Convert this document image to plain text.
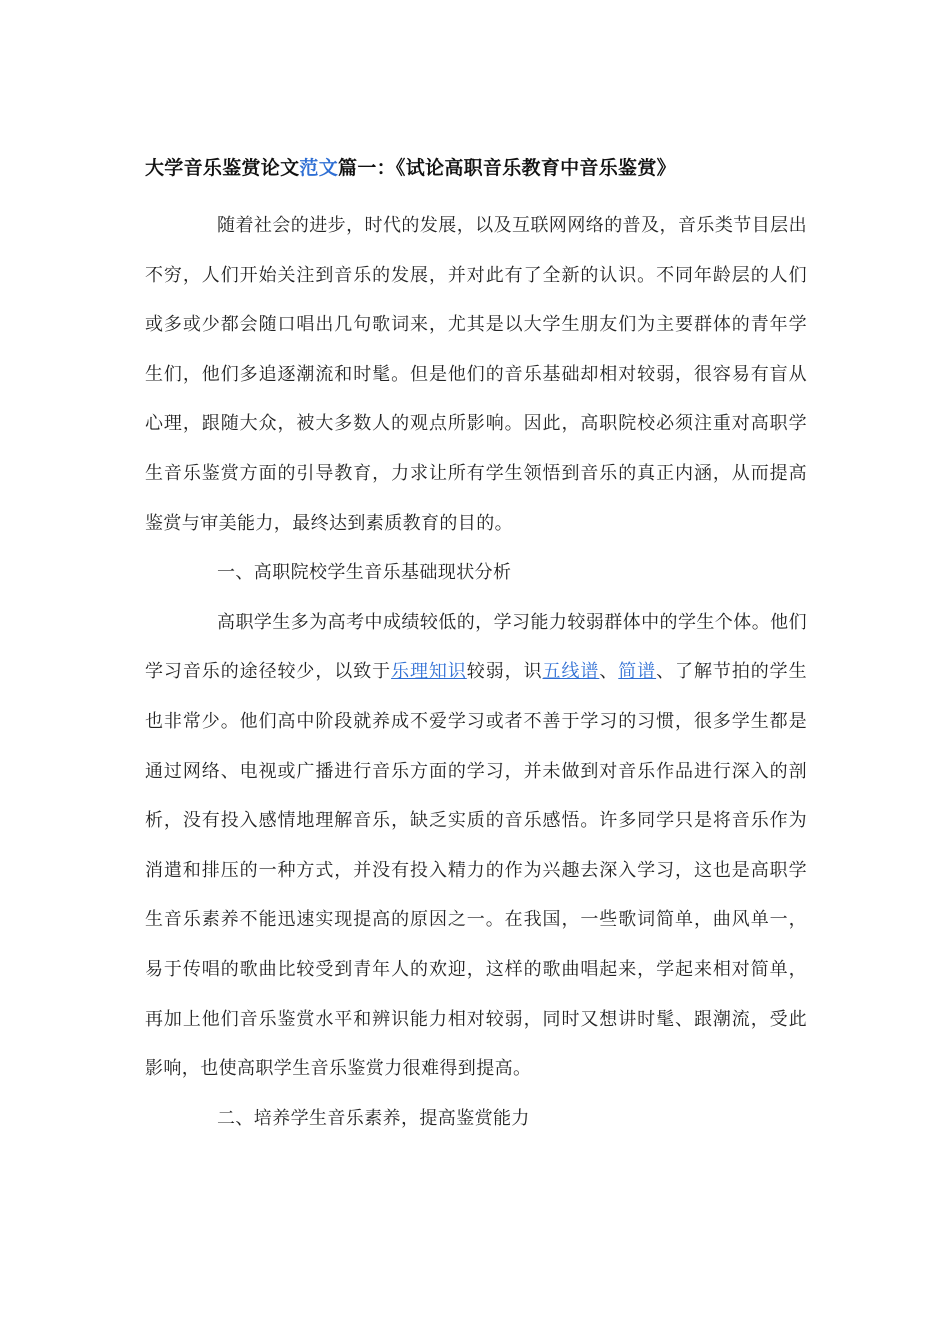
大学音乐鉴赏论文范文篇一：《试论高职音乐教育中音乐鉴赏》

随着社会的进步，时代的发展，以及互联网网络的普及，音乐类节目层出不穷，人们开始关注到音乐的发展，并对此有了全新的认识。不同年龄层的人们或多或少都会随口唱出几句歌词来，尤其是以大学生朋友们为主要群体的青年学生们，他们多追逐潮流和时髦。但是他们的音乐基础却相对较弱，很容易有盲从心理，跟随大众，被大多数人的观点所影响。因此，高职院校必须注重对高职学生音乐鉴赏方面的引导教育，力求让所有学生领悟到音乐的真正内涵，从而提高鉴赏与审美能力，最终达到素质教育的目的。

一、高职院校学生音乐基础现状分析

高职学生多为高考中成绩较低的，学习能力较弱群体中的学生个体。他们学习音乐的途径较少，以致于乐理知识较弱，识五线谱、简谱、了解节拍的学生也非常少。他们高中阶段就养成不爱学习或者不善于学习的习惯，很多学生都是通过网络、电视或广播进行音乐方面的学习，并未做到对音乐作品进行深入的剖析，没有投入感情地理解音乐，缺乏实质的音乐感悟。许多同学只是将音乐作为消遣和排压的一种方式，并没有投入精力的作为兴趣去深入学习，这也是高职学生音乐素养不能迅速实现提高的原因之一。在我国，一些歌词简单，曲风单一，易于传唱的歌曲比较受到青年人的欢迎，这样的歌曲唱起来，学起来相对简单，再加上他们音乐鉴赏水平和辨识能力相对较弱，同时又想讲时髦、跟潮流，受此影响，也使高职学生音乐鉴赏力很难得到提高。

二、培养学生音乐素养，提高鉴赏能力
